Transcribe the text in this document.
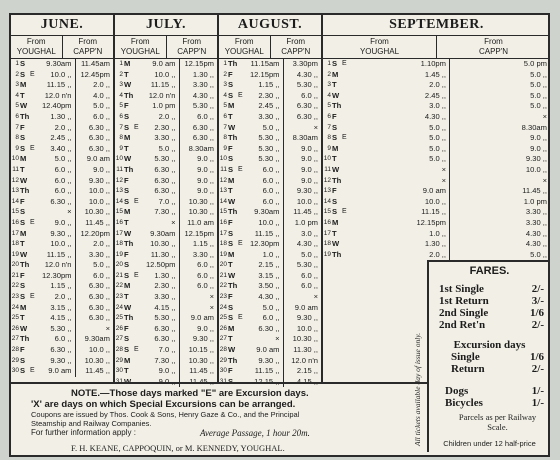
JUNE.
From
YOUGHAL
From
CAPP'N
1 S	9.30am	11.45am
2 S E	10.0 ,,	12.45pm
3 M	11.15 ,,	2.0 ,,
4 T	12.0 n'n	4.0 ,,
5 W	12.40pm	5.0 ,,
6 Th	1.30 ,,	6.0 ,,
7 F	2.0 ,,	6.30 ,,
8 S	2.45 ,,	6.30 ,,
9 S E	3.40 ,,	6.30 ,,
10 M	5.0 ,,	9.0 am
11 T	6.0 ,,	9.0 ,,
12 W	6.0 ,,	9.30 ,,
13 Th	6.0 ,,	10.0 ,,
14 F	6.30 ,,	10.0 ,,
15 S	×	10.30 ,,
16 S E	9.0 ,,	11.45 ,,
17 M	9.30 ,,	12.20pm
18 T	10.0 ,,	2.0 ,,
19 W	11.15 ,,	3.30 ,,
20 Th	12.0 n'n	5.0 ,,
21 F	12.30pm	6.0 ,,
22 S	1.15 ,,	6.30 ,,
23 S E	2.0 ,,	6.30 ,,
24 M	3.15 ,,	6.30 ,,
25 T	4.15 ,,	6.30 ,,
26 W	5.30 ,,	×
27 Th	6.0 ,,	9.30am
28 F	6.30 ,,	10.0 ,,
29 S	9.30 ,,	10.30 ,,
30 S E	9.0 am	11.45 ,,
JULY.
From
YOUGHAL
From
CAPP'N
1 M	9.0 am	12.15pm
2 T	10.0 ,,	1.30 ,,
3 W	11.15 ,,	3.30 ,,
4 Th	12.0 n'n	4.30 ,,
5 F	1.0 pm	5.30 ,,
6 S	2.0 ,,	6.0 ,,
7 S E	2.30 ,,	6.30 ,,
8 M	3.30 ,,	6.30 ,,
9 T	5.0 ,,	8.30am
10 W	5.30 ,,	9.0 ,,
11 Th	6.30 ,,	9.0 ,,
12 F	6.30 ,,	9.0 ,,
13 S	6.30 ,,	9.0 ,,
14 S E	7.0 ,,	10.30 ,,
15 M	7.30 ,,	10.30 ,,
16 T	×	11.0 am
17 W	9.30am	12.15pm
18 Th	10.30 ,,	1.15 ,,
19 F	11.30 ,,	3.30 ,,
20 S	12.50pm	6.0 ,,
21 S E	1.30 ,,	6.0 ,,
22 M	2.30 ,,	6.0 ,,
23 T	3.30 ,,	×
24 W	4.15 ,,	×
25 Th	5.30 ,,	9.0 am
26 F	6.30 ,,	9.0 ,,
27 S	6.30 ,,	9.30 ,,
28 S E	7.0 ,,	10.15 ,,
29 M	7.30 ,,	10.30 ,,
30 T	9.0 ,,	11.45 ,,
31 W	9.0 ,,	11.45 ,,
AUGUST.
From
YOUGHAL
From
CAPP'N
1 Th	11.15am	3.30pm
2 F	12.15pm	4.30 ,,
3 S	1.15 ,,	5.30 ,,
4 S E	2.30 ,,	6.0 ,,
5 M	2.45 ,,	6.30 ,,
6 T	3.30 ,,	6.30 ,,
7 W	5.0 ,,	×
8 Th	5.30 ,,	8.30am
9 F	5.30 ,,	9.0 ,,
10 S	5.30 ,,	9.0 ,,
11 S E	6.0 ,,	9.0 ,,
12 M	6.0 ,,	9.0 ,,
13 T	6.0 ,,	9.30 ,,
14 W	6.0 ,,	10.0 ,,
15 Th	9.30am	11.45 ,,
16 F	10.0 ,,	1.0 pm
17 S	11.15 ,,	3.0 ,,
18 S E 12.30pm	4.30 ,,
19 M	1.0 ,,	5.0 ,,
20 T	2.15 ,,	5.30 ,,
21 W	3.15 ,,	6.0 ,,
22 Th	3.50 ,,	6.0 ,,
23 F	4.30 ,,	×
24 S	5.0 ,,	9.0 am
25 S E	6.0 ,,	9.30 ,,
26 M	6.30 ,,	10.0 ,,
27 T	×	10.30 ,,
28 W	9.0 am	11.30 ,,
29 Th	9.30 ,,	12.0 n'n
30 F	11.15 ,,	2.15 ,,
31 S	12.15 ,,	4.15 ,,
SEPTEMBER.
From
YOUGHAL
From
CAPP'N
1 S E	1.10pm	5.0 pm
2 M	1.45 ,,	5.0 ,,
3 T	2.0 ,,	5.0 ,,
4 W	2.45 ,,	5.0 ,,
5 Th	3.0 ,,	5.0 ,,
6 F	4.30 ,,	×
7 S	5.0 ,,	8.30am
8 S E	5.0 ,,	9.0 ,,
9 M	5.0 ,,	9.0 ,,
10 T	5.0 ,,	9.30 ,,
11 W	×	10.0 ,,
12 Th	×	×
13 F	9.0 am	11.45 ,,
14 S	10.0 ,,	1.0 pm
15 S E	11.15 ,,	3.30 ,,
16 M	12.15pm	3.30 ,,
17 T	1.0 ,,	4.30 ,,
18 W	1.30 ,,	4.30 ,,
19 Th	2.0 ,,	5.0 ,,
All tickets available day of issue only.
FARES.
1st Single	2/-
1st Return	3/-
2nd Single	1/6
2nd Ret'n	2/-
Excursion days
Single	1/6
Return	2/-
Dogs	1/-
Bicycles	1/-
Parcels as per Railway Scale.
Children under 12 half-price
NOTE.—Those days marked "E" are Excursion days.
'X' are days on which Special Excursions can be arranged.
Coupons are issued by Thos. Cook & Sons, Henry Gaze & Co., and the Principal
Steamship and Railway Companies.
For further information apply :	Average Passage, 1 hour 20m.
F. H. KEANE, CAPPOQUIN, or M. KENNEDY, YOUGHAL.
